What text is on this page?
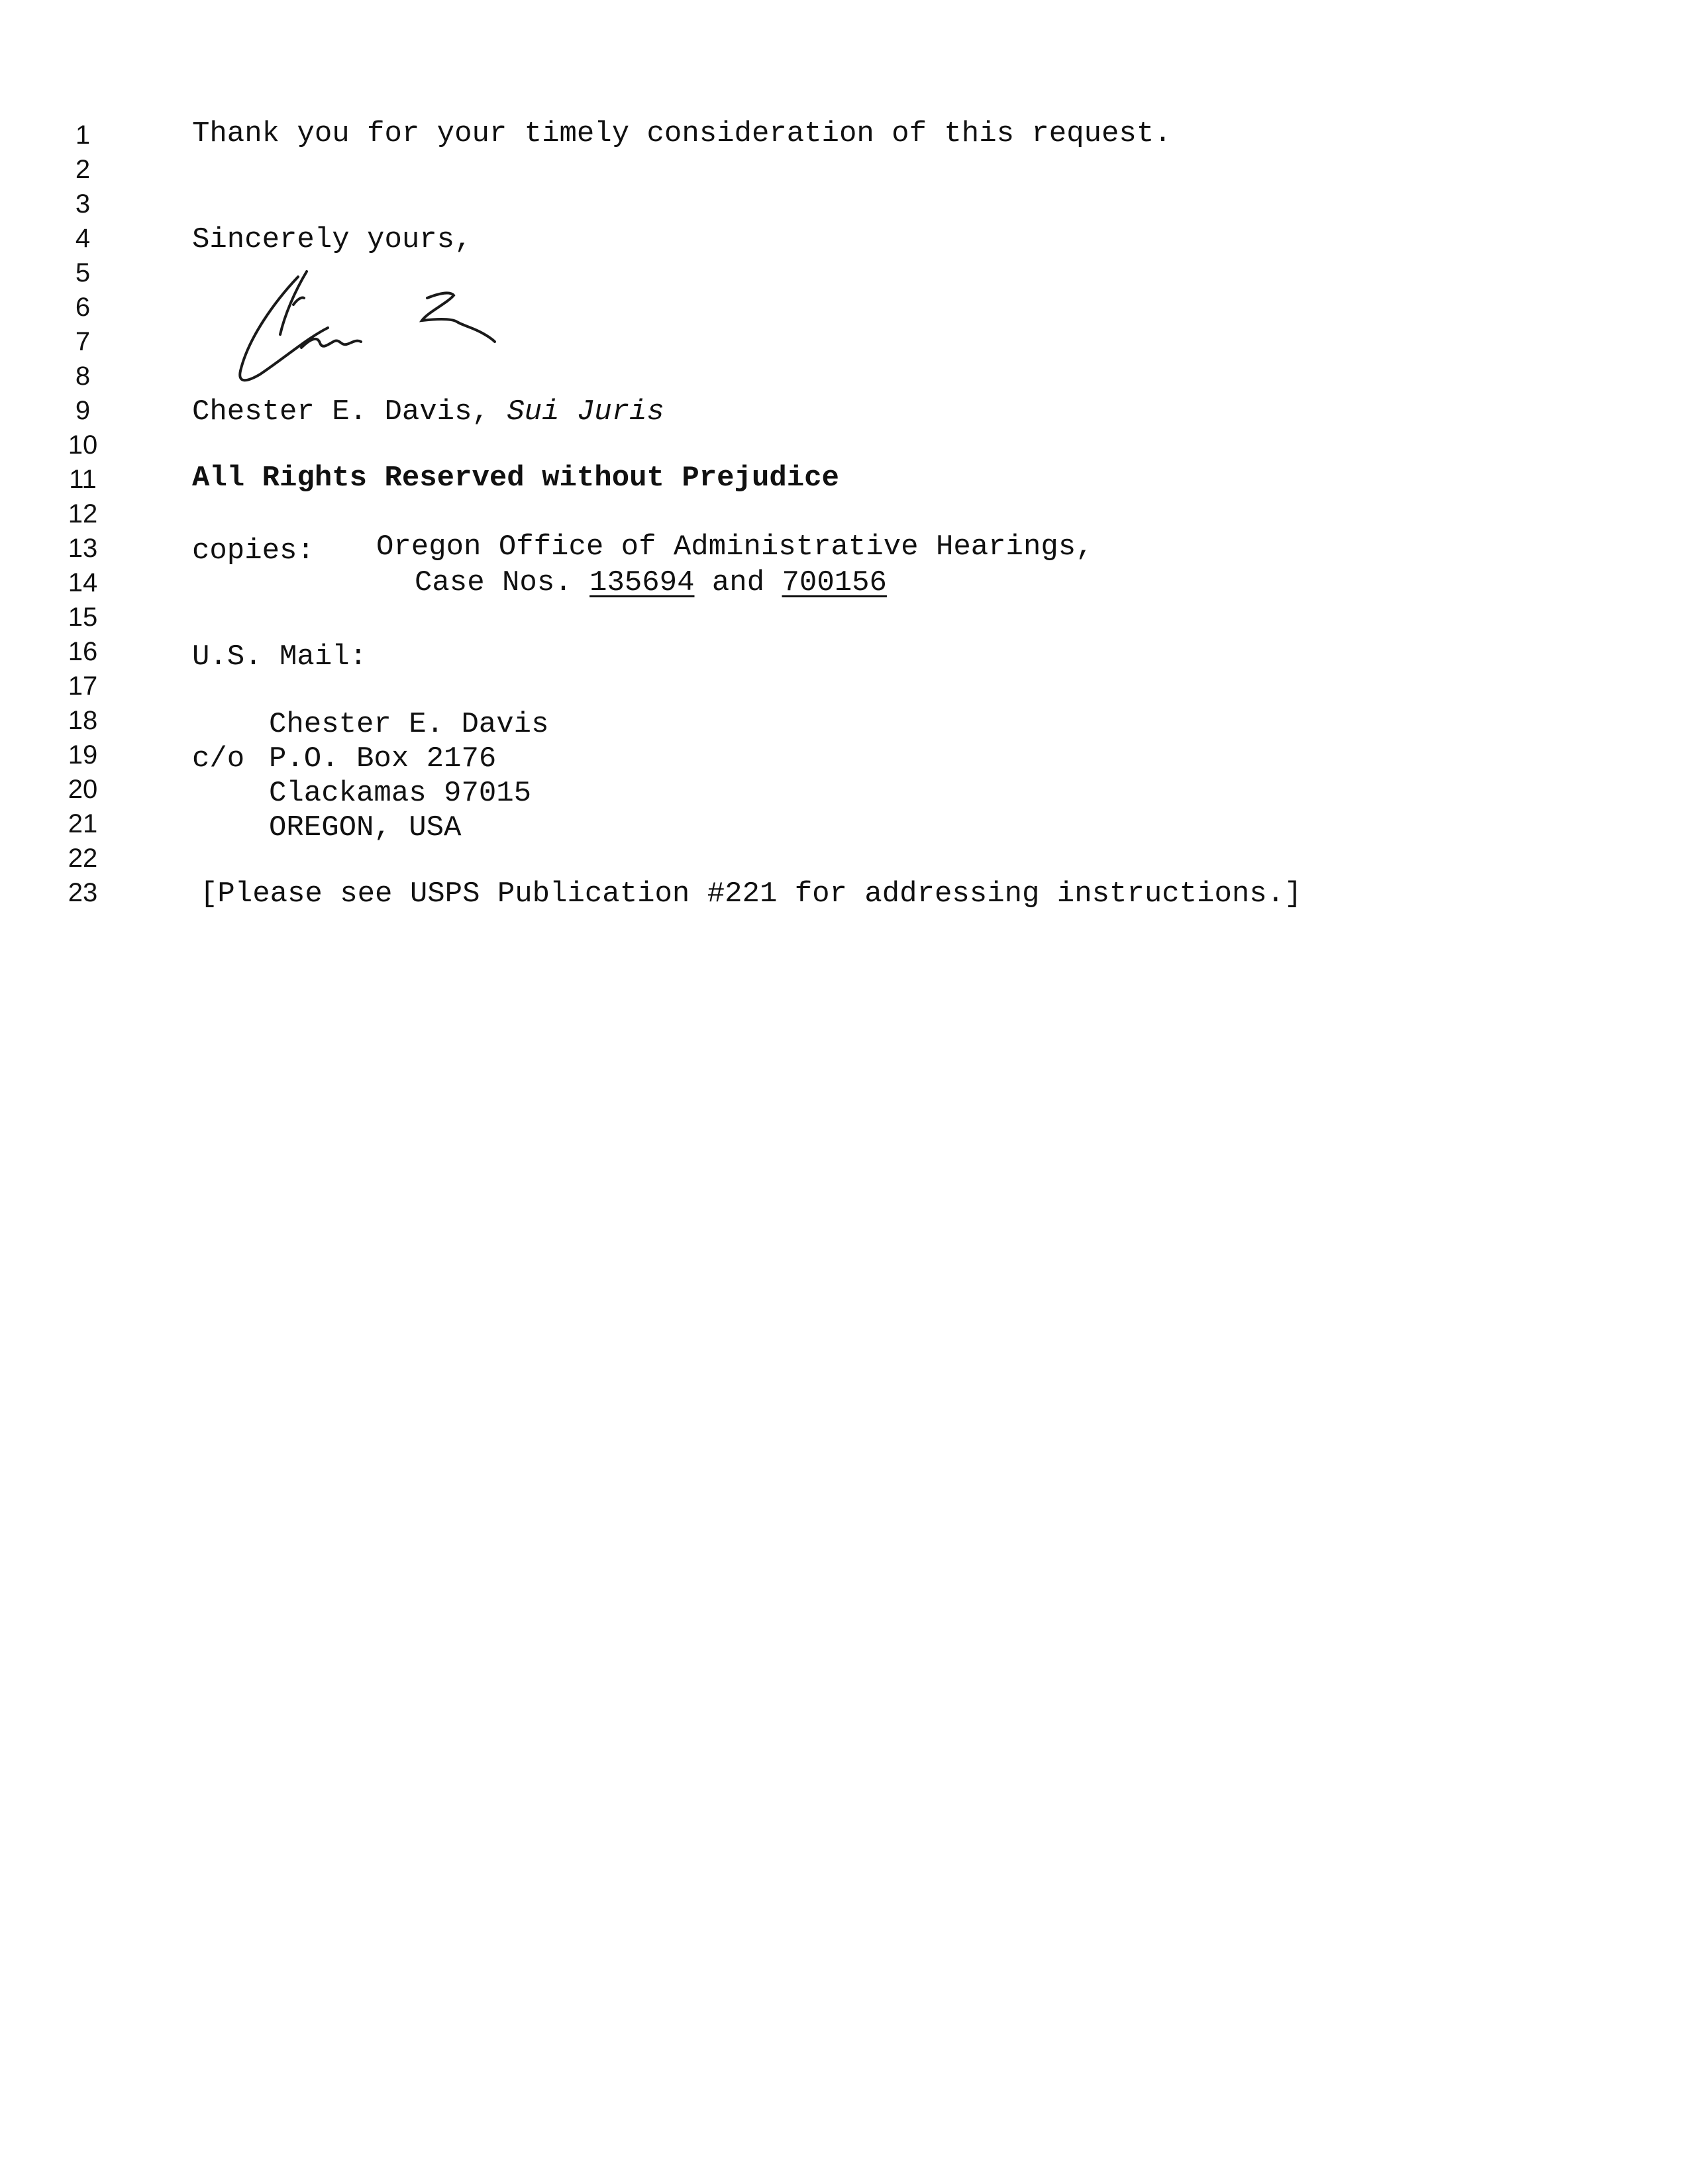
1
2
3
4
5
6
7
8
9
10
11
12
13
14
15
16
17
18
19
20
21
22
23
Thank you for your timely consideration of this request.
Sincerely yours,
Chester E. Davis, Sui Juris
All Rights Reserved without Prejudice
copies: Oregon Office of Administrative Hearings,
Case Nos. 135694 and 700156
U.S. Mail:
Chester E. Davis
c/o P.O. Box 2176
Clackamas 97015
OREGON, USA
[Please see USPS Publication #221 for addressing instructions.]
